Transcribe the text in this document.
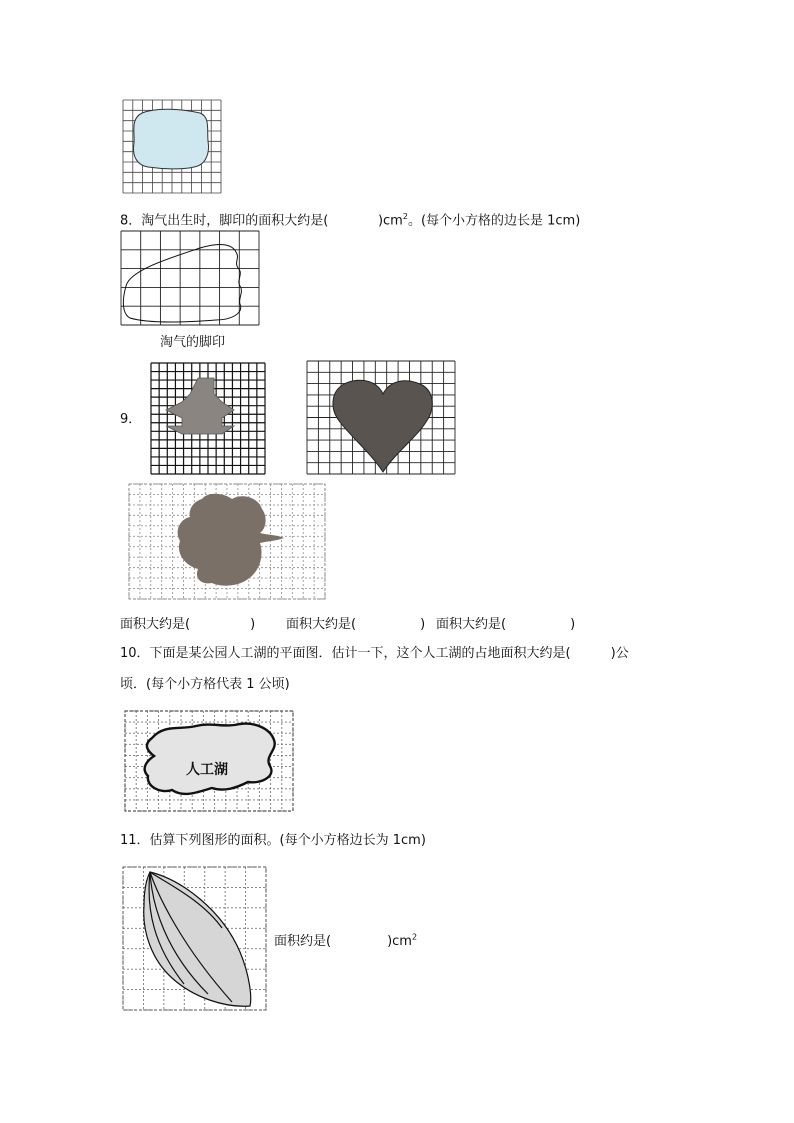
8．淘气出生时，脚印的面积大约是(	)$cm^2$。(每个小方格的边长是 1cm)
淘气的脚印
9．
面积大约是(	) 面积大约是(	) 面积大约是(	)
10．下面是某公园人工湖的平面图．估计一下，这个人工湖的占地面积大约是(	)公
顷．(每个小方格代表 1 公顷)
人工湖
11．估算下列图形的面积。(每个小方格边长为 1cm)
面积约是(	)$cm^2$
